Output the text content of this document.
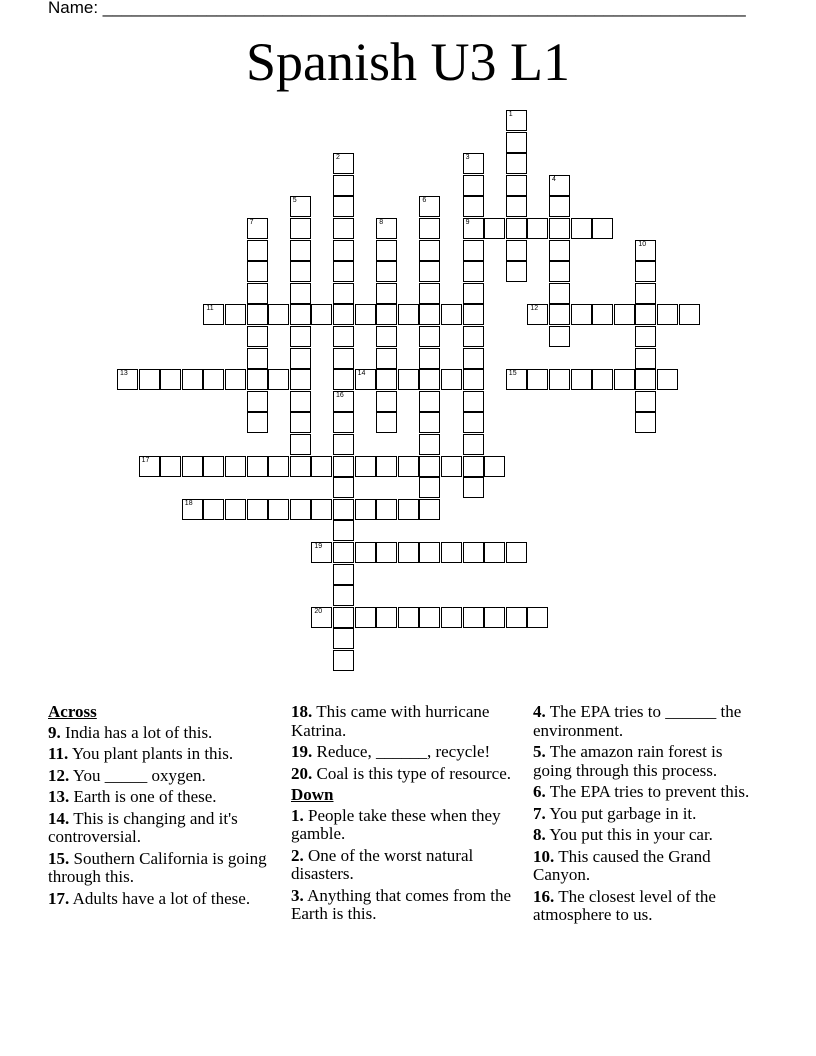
Name: ____________________________________________________________________
Spanish U3 L1
1
2
16
3
9
4
5	6
7	8
10
11	12
13	14	15
17
18
19
20
Across
9. India has a lot of this.
11. You plant plants in this.
12. You _____ oxygen.
13. Earth is one of these.
14. This is changing and it's controversial.
15. Southern California is going through this.
17. Adults have a lot of these.
18. This came with hurricane Katrina.
19. Reduce, ______, recycle!
20. Coal is this type of resource.
Down
1. People take these when they gamble.
2. One of the worst natural disasters.
3. Anything that comes from the Earth is this.
4. The EPA tries to ______ the environment.
5. The amazon rain forest is going through this process.
6. The EPA tries to prevent this.
7. You put garbage in it.
8. You put this in your car.
10. This caused the Grand Canyon.
16. The closest level of the atmosphere to us.
